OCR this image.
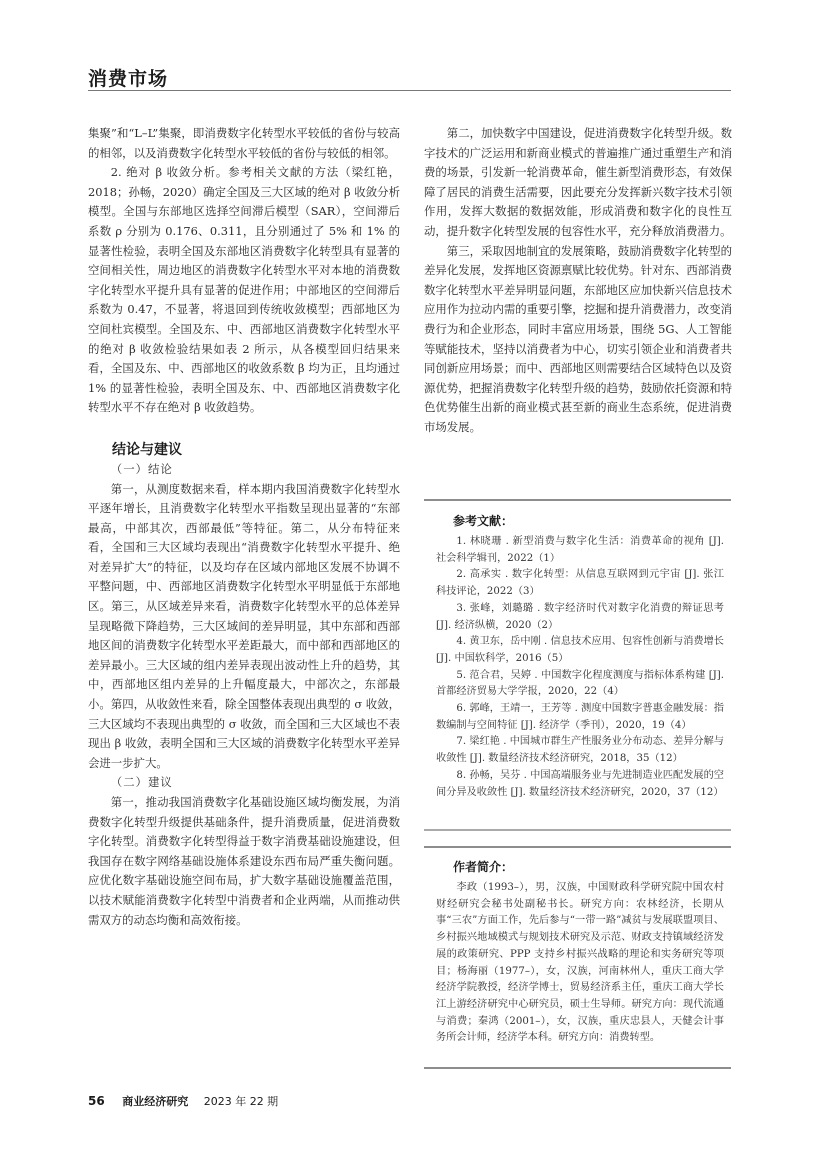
消费市场

集聚”和“L–L”集聚，即消费数字化转型水平较低的省份与较高的相邻，以及消费数字化转型水平较低的省份与较低的相邻。

2. 绝对 β 收敛分析。参考相关文献的方法（梁红艳，2018；孙畅，2020）确定全国及三大区域的绝对 β 收敛分析模型。全国与东部地区选择空间滞后模型（SAR），空间滞后系数 ρ 分别为 0.176、0.311，且分别通过了 5% 和 1% 的显著性检验，表明全国及东部地区消费数字化转型具有显著的空间相关性，周边地区的消费数字化转型水平对本地的消费数字化转型水平提升具有显著的促进作用；中部地区的空间滞后系数为 0.47，不显著，将退回到传统收敛模型；西部地区为空间杜宾模型。全国及东、中、西部地区消费数字化转型水平的绝对 β 收敛检验结果如表 2 所示，从各模型回归结果来看，全国及东、中、西部地区的收敛系数 β 均为正，且均通过 1% 的显著性检验，表明全国及东、中、西部地区消费数字化转型水平不存在绝对 β 收敛趋势。

结论与建议
（一）结论

第一，从测度数据来看，样本期内我国消费数字化转型水平逐年增长，且消费数字化转型水平指数呈现出显著的“东部最高，中部其次，西部最低”等特征。第二，从分布特征来看，全国和三大区域均表现出“消费数字化转型水平提升、绝对差异扩大”的特征，以及均存在区域内部地区发展不协调不平整问题，中、西部地区消费数字化转型水平明显低于东部地区。第三，从区域差异来看，消费数字化转型水平的总体差异呈现略微下降趋势，三大区域间的差异明显，其中东部和西部地区间的消费数字化转型水平差距最大，而中部和西部地区的差异最小。三大区域的组内差异表现出波动性上升的趋势，其中，西部地区组内差异的上升幅度最大，中部次之，东部最小。第四，从收敛性来看，除全国整体表现出典型的 σ 收敛，三大区域均不表现出典型的 σ 收敛，而全国和三大区域也不表现出 β 收敛，表明全国和三大区域的消费数字化转型水平差异会进一步扩大。

（二）建议

第一，推动我国消费数字化基础设施区域均衡发展，为消费数字化转型升级提供基础条件，提升消费质量，促进消费数字化转型。消费数字化转型得益于数字消费基础设施建设，但我国存在数字网络基础设施体系建设东西布局严重失衡问题。应优化数字基础设施空间布局，扩大数字基础设施覆盖范围，以技术赋能消费数字化转型中消费者和企业两端，从而推动供需双方的动态均衡和高效衔接。

第二，加快数字中国建设，促进消费数字化转型升级。数字技术的广泛运用和新商业模式的普遍推广通过重塑生产和消费的场景，引发新一轮消费革命，催生新型消费形态，有效保障了居民的消费生活需要，因此要充分发挥新兴数字技术引领作用，发挥大数据的数据效能，形成消费和数字化的良性互动，提升数字化转型发展的包容性水平，充分释放消费潜力。

第三，采取因地制宜的发展策略，鼓励消费数字化转型的差异化发展，发挥地区资源禀赋比较优势。针对东、西部消费数字化转型水平差异明显问题，东部地区应加快新兴信息技术应用作为拉动内需的重要引擎，挖掘和提升消费潜力，改变消费行为和企业形态，同时丰富应用场景，围绕 5G、人工智能等赋能技术，坚持以消费者为中心，切实引领企业和消费者共同创新应用场景；而中、西部地区则需要结合区域特色以及资源优势，把握消费数字化转型升级的趋势，鼓励依托资源和特色优势催生出新的商业模式甚至新的商业生态系统，促进消费市场发展。

参考文献：

1. 林晓珊 . 新型消费与数字化生活：消费革命的视角 [J]. 社会科学辑刊，2022（1）

2. 高承实 . 数字化转型：从信息互联网到元宇宙 [J]. 张江科技评论，2022（3）

3. 张峰，刘璐璐 . 数字经济时代对数字化消费的辩证思考 [J]. 经济纵横，2020（2）

4. 黄卫东，岳中刚 . 信息技术应用、包容性创新与消费增长 [J]. 中国软科学，2016（5）

5. 范合君，吴婷 . 中国数字化程度测度与指标体系构建 [J]. 首都经济贸易大学学报，2020，22（4）

6. 郭峰，王靖一，王芳等 . 测度中国数字普惠金融发展：指数编制与空间特征 [J]. 经济学（季刊），2020，19（4）

7. 梁红艳 . 中国城市群生产性服务业分布动态、差异分解与收敛性 [J]. 数量经济技术经济研究，2018，35（12）

8. 孙畅，吴芬 . 中国高端服务业与先进制造业匹配发展的空间分异及收敛性 [J]. 数量经济技术经济研究，2020，37（12）

作者简介：

李政（1993–），男，汉族，中国财政科学研究院中国农村财经研究会秘书处副秘书长。研究方向：农林经济，长期从事“三农”方面工作，先后参与“一带一路”减贫与发展联盟项目、乡村振兴地域模式与规划技术研究及示范、财政支持镇域经济发展的政策研究、PPP 支持乡村振兴战略的理论和实务研究等项目；杨海丽（1977–），女，汉族，河南林州人，重庆工商大学经济学院教授，经济学博士，贸易经济系主任，重庆工商大学长江上游经济研究中心研究员，硕士生导师。研究方向：现代流通与消费；秦鸿（2001–），女，汉族，重庆忠县人，天健会计事务所会计师，经济学本科。研究方向：消费转型。

56 商业经济研究 2023 年 22 期
